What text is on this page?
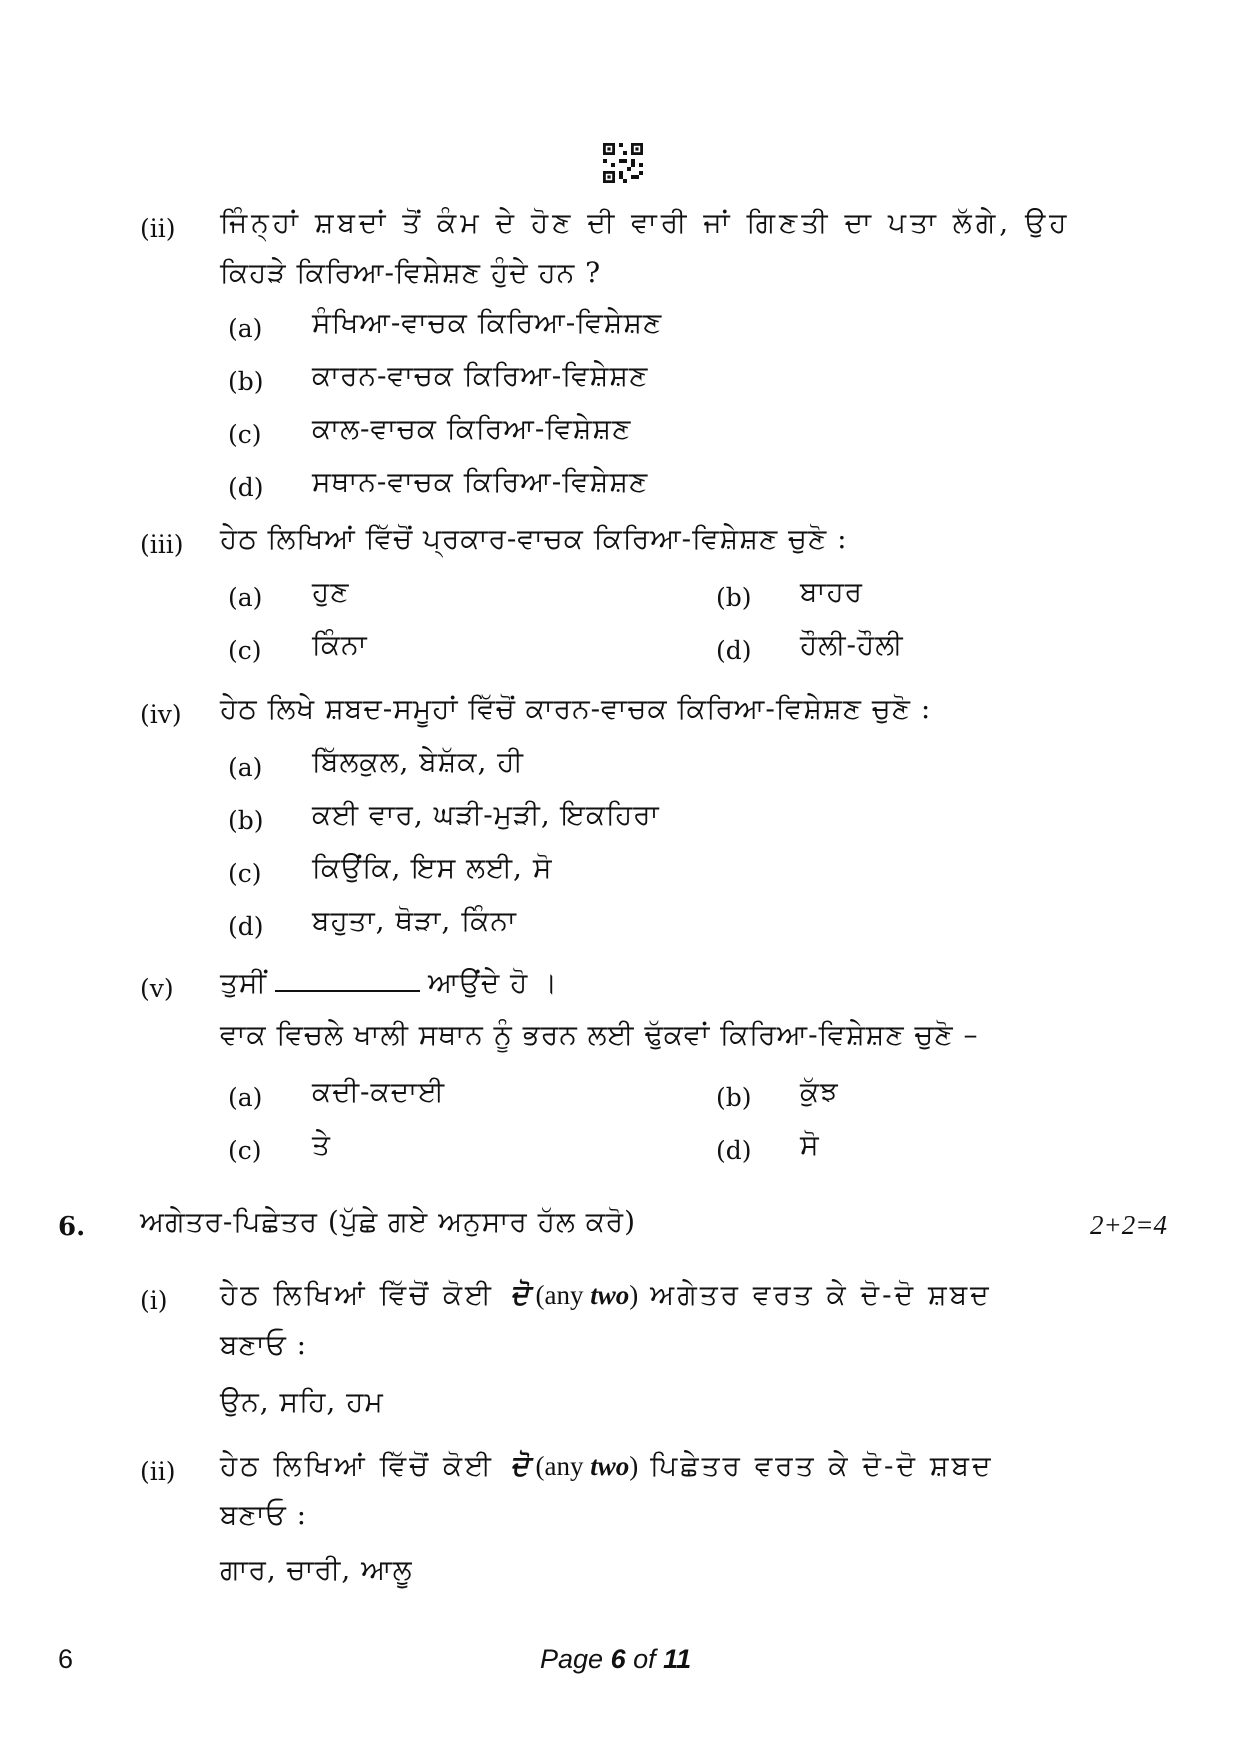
(ii) ਜਿੰਨ੍ਹਾਂ ਸ਼ਬਦਾਂ ਤੋਂ ਕੰਮ ਦੇ ਹੋਣ ਦੀ ਵਾਰੀ ਜਾਂ ਗਿਣਤੀ ਦਾ ਪਤਾ ਲੱਗੇ, ਉਹ
ਕਿਹੜੇ ਕਿਰਿਆ-ਵਿਸ਼ੇਸ਼ਣ ਹੁੰਦੇ ਹਨ ?
(a) ਸੰਖਿਆ-ਵਾਚਕ ਕਿਰਿਆ-ਵਿਸ਼ੇਸ਼ਣ
(b) ਕਾਰਨ-ਵਾਚਕ ਕਿਰਿਆ-ਵਿਸ਼ੇਸ਼ਣ
(c) ਕਾਲ-ਵਾਚਕ ਕਿਰਿਆ-ਵਿਸ਼ੇਸ਼ਣ
(d) ਸਥਾਨ-ਵਾਚਕ ਕਿਰਿਆ-ਵਿਸ਼ੇਸ਼ਣ
(iii) ਹੇਠ ਲਿਖਿਆਂ ਵਿੱਚੋਂ ਪ੍ਰਕਾਰ-ਵਾਚਕ ਕਿਰਿਆ-ਵਿਸ਼ੇਸ਼ਣ ਚੁਣੋ :
(a) ਹੁਣ	(b) ਬਾਹਰ
(c) ਕਿੰਨਾ	(d) ਹੌਲੀ-ਹੌਲੀ
(iv) ਹੇਠ ਲਿਖੇ ਸ਼ਬਦ-ਸਮੂਹਾਂ ਵਿੱਚੋਂ ਕਾਰਨ-ਵਾਚਕ ਕਿਰਿਆ-ਵਿਸ਼ੇਸ਼ਣ ਚੁਣੋ :
(a) ਬਿੱਲਕੁਲ, ਬੇਸ਼ੱਕ, ਹੀ
(b) ਕਈ ਵਾਰ, ਘੜੀ-ਮੁੜੀ, ਇਕਹਿਰਾ
(c) ਕਿਉਂਕਿ, ਇਸ ਲਈ, ਸੋ
(d) ਬਹੁਤਾ, ਥੋੜਾ, ਕਿੰਨਾ
(v) ਤੁਸੀਂ	ਆਉਂਦੇ ਹੋ ।
ਵਾਕ ਵਿਚਲੇ ਖਾਲੀ ਸਥਾਨ ਨੂੰ ਭਰਨ ਲਈ ਢੁੱਕਵਾਂ ਕਿਰਿਆ-ਵਿਸ਼ੇਸ਼ਣ ਚੁਣੋ –
(a) ਕਦੀ-ਕਦਾਈ	(b) ਕੁੱਝ
(c) ਤੇ	(d) ਸੋ
6. ਅਗੇਤਰ-ਪਿਛੇਤਰ (ਪੁੱਛੇ ਗਏ ਅਨੁਸਾਰ ਹੱਲ ਕਰੋ)	2+2=4
(i) ਹੇਠ ਲਿਖਿਆਂ ਵਿੱਚੋਂ ਕੋਈ ਦੋ (any two) ਅਗੇਤਰ ਵਰਤ ਕੇ ਦੋ-ਦੋ ਸ਼ਬਦ
ਬਣਾਓ :
ਉਨ, ਸਹਿ, ਹਮ
(ii) ਹੇਠ ਲਿਖਿਆਂ ਵਿੱਚੋਂ ਕੋਈ ਦੋ (any two) ਪਿਛੇਤਰ ਵਰਤ ਕੇ ਦੋ-ਦੋ ਸ਼ਬਦ
ਬਣਾਓ :
ਗਾਰ, ਚਾਰੀ, ਆਲੂ
6	Page 6 of 11
